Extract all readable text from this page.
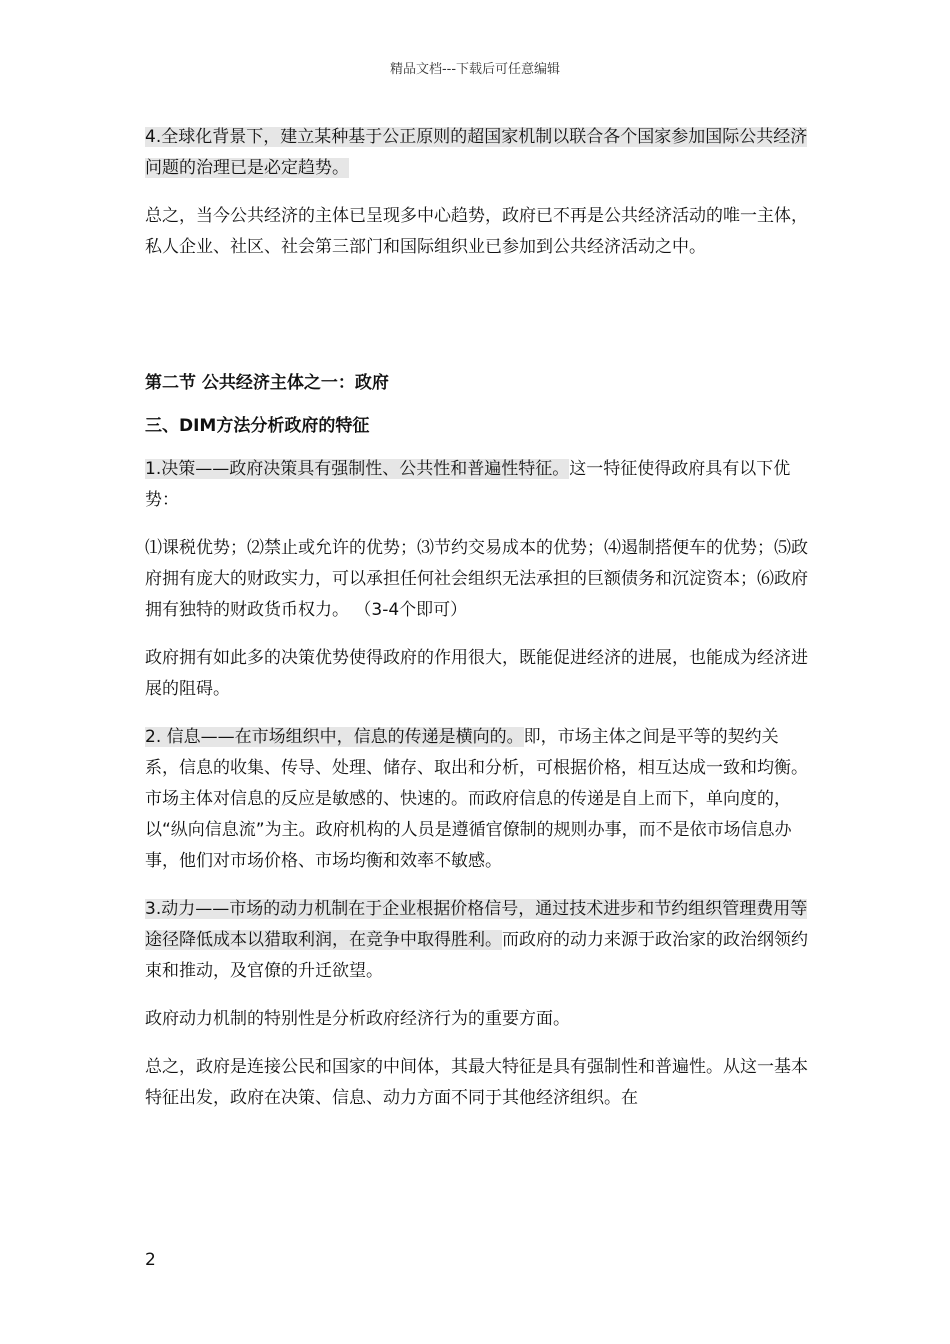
精品文档---下载后可任意编辑

4.全球化背景下，建立某种基于公正原则的超国家机制以联合各个国家参加国际公共经济问题的治理已是必定趋势。

总之，当今公共经济的主体已呈现多中心趋势，政府已不再是公共经济活动的唯一主体，私人企业、社区、社会第三部门和国际组织业已参加到公共经济活动之中。

第二节 公共经济主体之一：政府

三、DIM方法分析政府的特征

1.决策——政府决策具有强制性、公共性和普遍性特征。这一特征使得政府具有以下优势：

⑴课税优势；⑵禁止或允许的优势；⑶节约交易成本的优势；⑷遏制搭便车的优势；⑸政府拥有庞大的财政实力，可以承担任何社会组织无法承担的巨额债务和沉淀资本；⑹政府拥有独特的财政货币权力。 （3-4个即可）

政府拥有如此多的决策优势使得政府的作用很大，既能促进经济的进展，也能成为经济进展的阻碍。

2. 信息——在市场组织中，信息的传递是横向的。即，市场主体之间是平等的契约关系，信息的收集、传导、处理、储存、取出和分析，可根据价格，相互达成一致和均衡。市场主体对信息的反应是敏感的、快速的。而政府信息的传递是自上而下，单向度的，以“纵向信息流”为主。政府机构的人员是遵循官僚制的规则办事，而不是依市场信息办事，他们对市场价格、市场均衡和效率不敏感。

3.动力——市场的动力机制在于企业根据价格信号，通过技术进步和节约组织管理费用等途径降低成本以猎取利润，在竞争中取得胜利。而政府的动力来源于政治家的政治纲领约束和推动，及官僚的升迁欲望。

政府动力机制的特别性是分析政府经济行为的重要方面。

总之，政府是连接公民和国家的中间体，其最大特征是具有强制性和普遍性。从这一基本特征出发，政府在决策、信息、动力方面不同于其他经济组织。在

2
